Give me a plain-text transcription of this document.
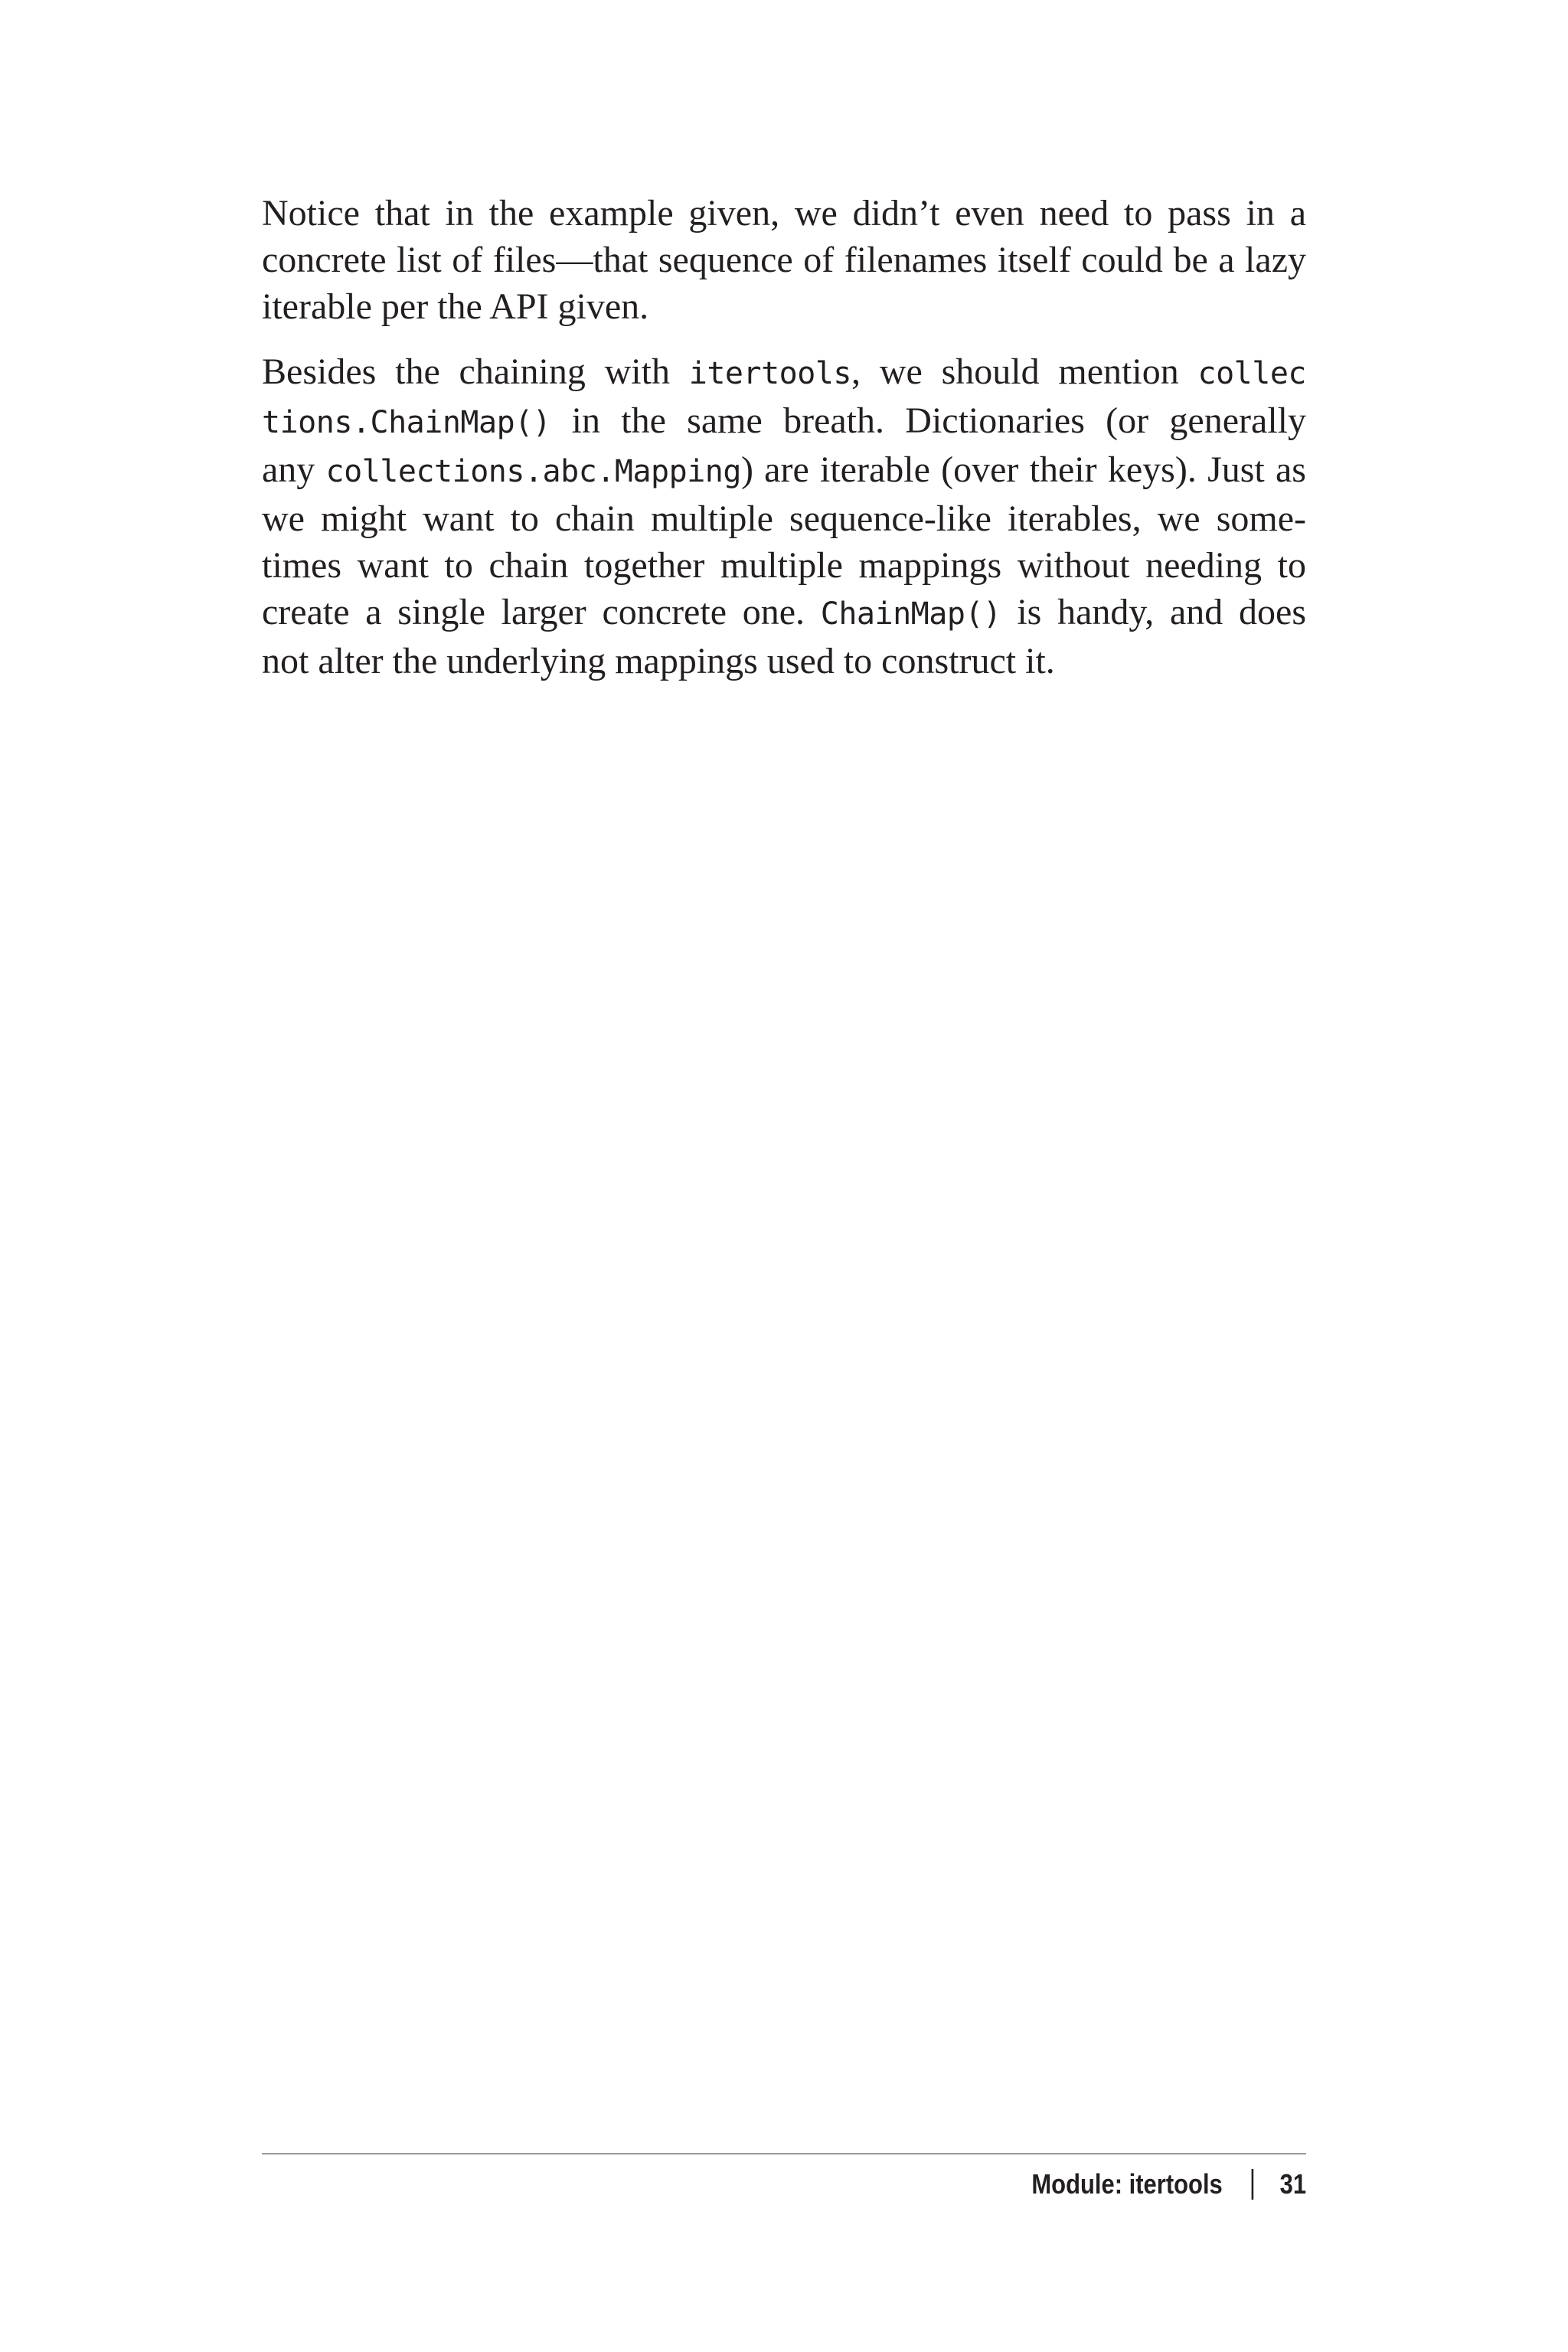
Notice that in the example given, we didn’t even need to pass in a
concrete list of files—that sequence of filenames itself could be a lazy
iterable per the API given.

Besides the chaining with itertools, we should mention collec
tions.ChainMap() in the same breath. Dictionaries (or generally
any collections.abc.Mapping) are iterable (over their keys). Just as
we might want to chain multiple sequence-like iterables, we some-
times want to chain together multiple mappings without needing to
create a single larger concrete one. ChainMap() is handy, and does
not alter the underlying mappings used to construct it.

Module: itertools 31
